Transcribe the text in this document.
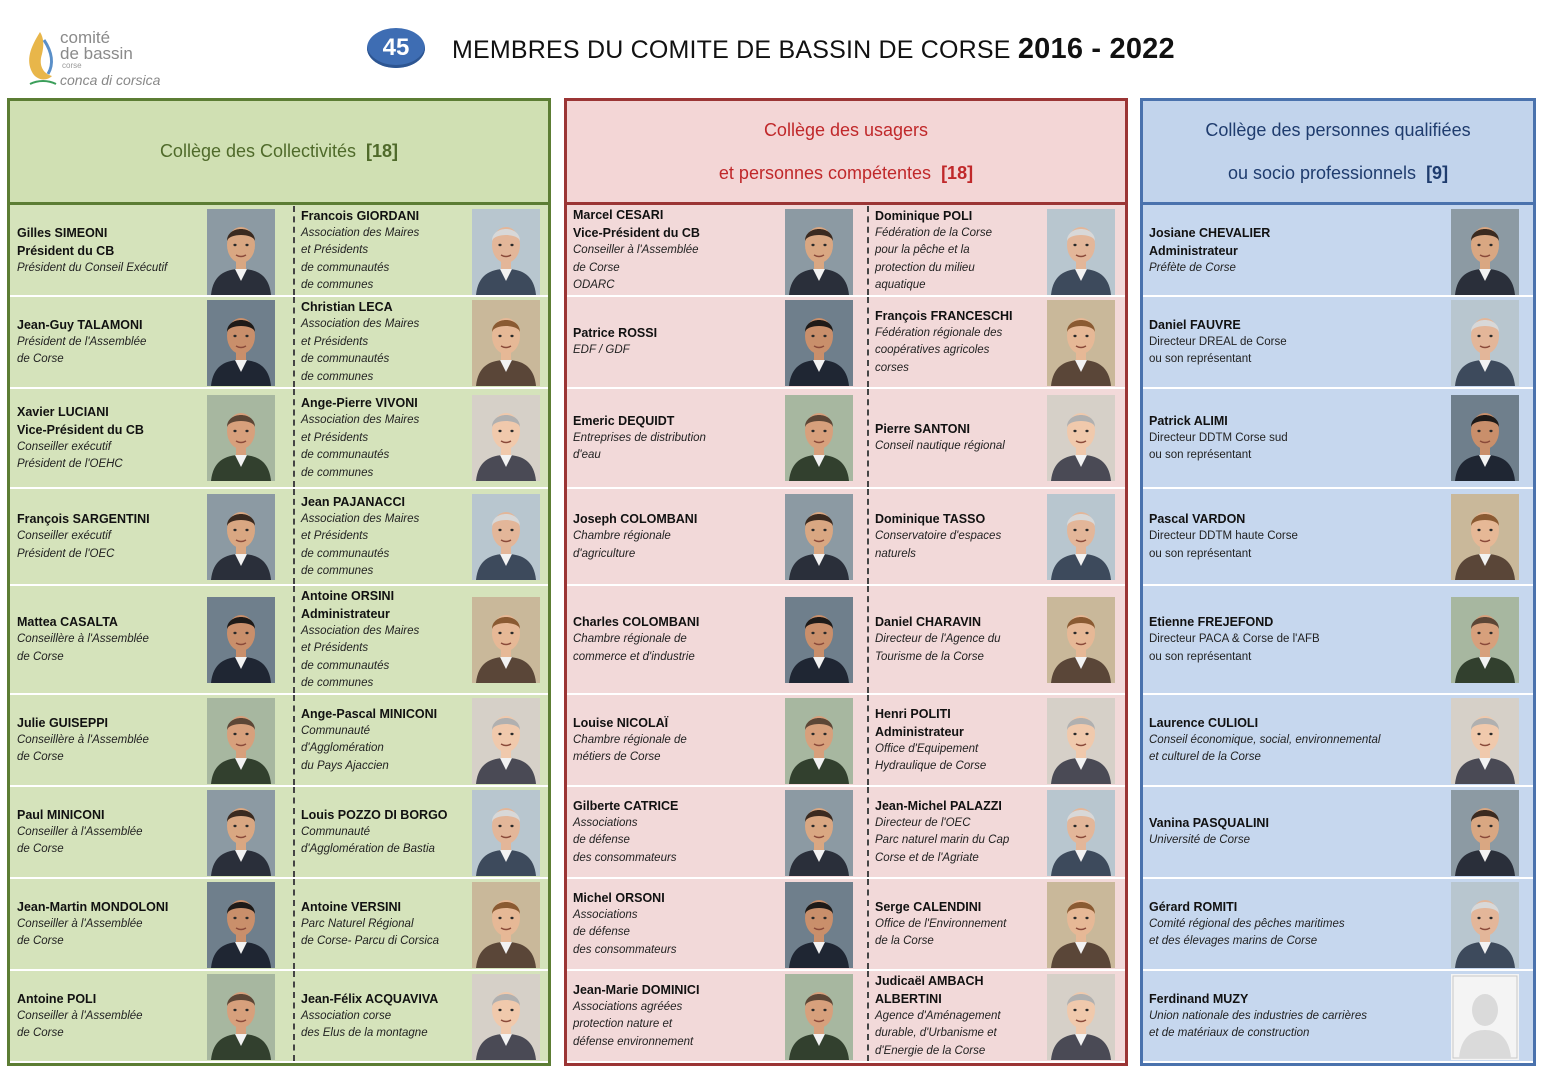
comité
de bassin
corse
conca di corsica
45	MEMBRES DU COMITE DE BASSIN DE CORSE 2016 - 2022
Collège des Collectivités [18]
Gilles SIMEONI
Président du CB
Président du Conseil Exécutif
Francois GIORDANI
Association des Maires
et Présidents
de communautés
de communes
Jean-Guy TALAMONI
Président de l'Assemblée
de Corse
Christian LECA
Association des Maires
et Présidents
de communautés
de communes
Xavier LUCIANI
Vice-Président du CB
Conseiller exécutif
Président de l'OEHC
Ange-Pierre VIVONI
Association des Maires
et Présidents
de communautés
de communes
François SARGENTINI
Conseiller exécutif
Président de l'OEC
Jean PAJANACCI
Association des Maires
et Présidents
de communautés
de communes
Mattea CASALTA
Conseillère à l'Assemblée
de Corse
Antoine ORSINI
Administrateur
Association des Maires
et Présidents
de communautés
de communes
Julie GUISEPPI
Conseillère à l'Assemblée
de Corse
Ange-Pascal MINICONI
Communauté
d'Agglomération
du Pays Ajaccien
Paul MINICONI
Conseiller à l'Assemblée
de Corse
Louis POZZO DI BORGO
Communauté
d'Agglomération de Bastia
Jean-Martin MONDOLONI
Conseiller à l'Assemblée
de Corse
Antoine VERSINI
Parc Naturel Régional
de Corse- Parcu di Corsica
Antoine POLI
Conseiller à l'Assemblée
de Corse
Jean-Félix ACQUAVIVA
Association corse
des Elus de la montagne
Collège des usagers
et personnes compétentes [18]
Marcel CESARI
Vice-Président du CB
Conseiller à l'Assemblée
de Corse
ODARC
Dominique POLI
Fédération de la Corse
pour la pêche et la
protection du milieu
aquatique
Patrice ROSSI
EDF / GDF
François FRANCESCHI
Fédération régionale des
coopératives agricoles
corses
Emeric DEQUIDT
Entreprises de distribution
d'eau
Pierre SANTONI
Conseil nautique régional
Joseph COLOMBANI
Chambre régionale
d'agriculture
Dominique TASSO
Conservatoire d'espaces
naturels
Charles COLOMBANI
Chambre régionale de
commerce et d'industrie
Daniel CHARAVIN
Directeur de l'Agence du
Tourisme de la Corse
Louise NICOLAÏ
Chambre régionale de
métiers de Corse
Henri POLITI
Administrateur
Office d'Equipement
Hydraulique de Corse
Gilberte CATRICE
Associations
de défense
des consommateurs
Jean-Michel PALAZZI
Directeur de l'OEC
Parc naturel marin du Cap
Corse et de l'Agriate
Michel ORSONI
Associations
de défense
des consommateurs
Serge CALENDINI
Office de l'Environnement
de la Corse
Jean-Marie DOMINICI
Associations agréées
protection nature et
défense environnement
Judicaël AMBACH
ALBERTINI
Agence d'Aménagement
durable, d'Urbanisme et
d'Energie de la Corse
Collège des personnes qualifiées
ou socio professionnels [9]
Josiane CHEVALIER
Administrateur
Préfète de Corse
Daniel FAUVRE
Directeur DREAL de Corse
ou son représentant
Patrick ALIMI
Directeur DDTM Corse sud
ou son représentant
Pascal VARDON
Directeur DDTM haute Corse
ou son représentant
Etienne FREJEFOND
Directeur PACA & Corse de l'AFB
ou son représentant
Laurence CULIOLI
Conseil économique, social, environnemental
et culturel de la Corse
Vanina PASQUALINI
Université de Corse
Gérard ROMITI
Comité régional des pêches maritimes
et des élevages marins de Corse
Ferdinand MUZY
Union nationale des industries de carrières
et de matériaux de construction
